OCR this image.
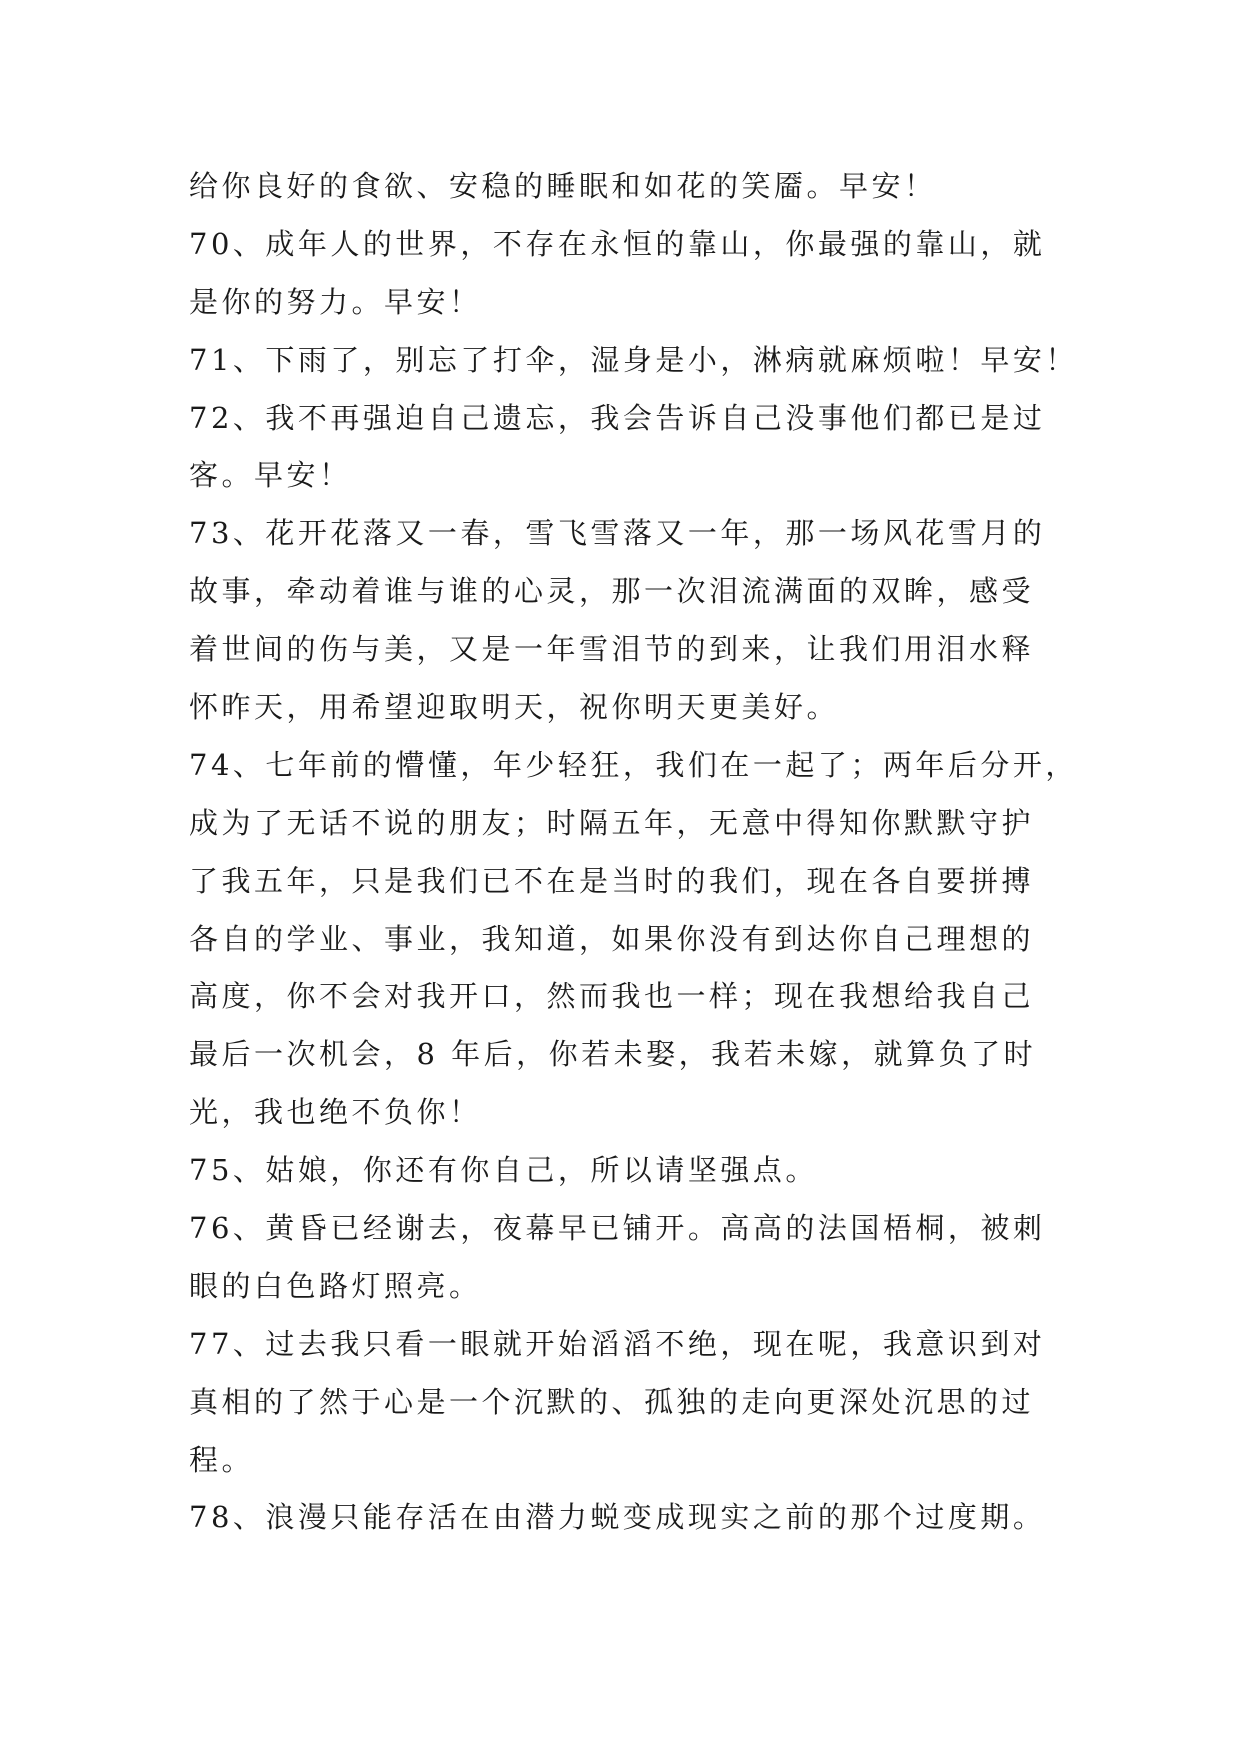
给你良好的食欲、安稳的睡眠和如花的笑靥。早安！
70、成年人的世界，不存在永恒的靠山，你最强的靠山，就
是你的努力。早安！
71、下雨了，别忘了打伞，湿身是小，淋病就麻烦啦！早安！
72、我不再强迫自己遗忘，我会告诉自己没事他们都已是过
客。早安！
73、花开花落又一春，雪飞雪落又一年，那一场风花雪月的
故事，牵动着谁与谁的心灵，那一次泪流满面的双眸，感受
着世间的伤与美，又是一年雪泪节的到来，让我们用泪水释
怀昨天，用希望迎取明天，祝你明天更美好。
74、七年前的懵懂，年少轻狂，我们在一起了；两年后分开，
成为了无话不说的朋友；时隔五年，无意中得知你默默守护
了我五年，只是我们已不在是当时的我们，现在各自要拼搏
各自的学业、事业，我知道，如果你没有到达你自己理想的
高度，你不会对我开口，然而我也一样；现在我想给我自己
最后一次机会，8 年后，你若未娶，我若未嫁，就算负了时
光，我也绝不负你！
75、姑娘，你还有你自己，所以请坚强点。
76、黄昏已经谢去，夜幕早已铺开。高高的法国梧桐，被刺
眼的白色路灯照亮。
77、过去我只看一眼就开始滔滔不绝，现在呢，我意识到对
真相的了然于心是一个沉默的、孤独的走向更深处沉思的过
程。
78、浪漫只能存活在由潜力蜕变成现实之前的那个过度期。
